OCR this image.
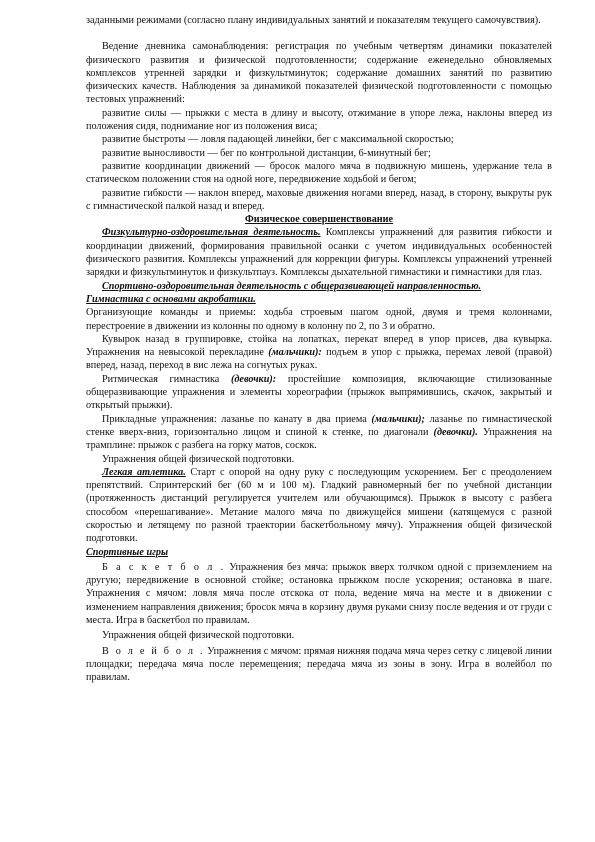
заданными режимами (согласно плану индивидуальных занятий и показателям текущего самочувствия).

Ведение дневника самонаблюдения: регистрация по учебным четвертям динамики показателей физического развития и физической подготовленности; содержание еженедельно обновляемых комплексов утренней зарядки и физкультминуток; содержание домашних занятий по развитию физических качеств. Наблюдения за динамикой показателей физической подготовленности с помощью тестовых упражнений:

развитие силы — прыжки с места в длину и высоту, отжимание в упоре лежа, наклоны вперед из положения сидя, поднимание ног из положения виса;

развитие быстроты — ловля падающей линейки, бег с максимальной скоростью;

развитие выносливости — бег по контрольной дистанции, 6-минутный бег;

развитие координации движений — бросок малого мяча в подвижную мишень, удержание тела в статическом положении стоя на одной ноге, передвижение ходьбой и бегом;

развитие гибкости — наклон вперед, маховые движения ногами вперед, назад, в сторону, выкруты рук с гимнастической палкой назад и вперед.

Физическое совершенствование

Физкультурно-оздоровительная деятельность. Комплексы упражнений для развития гибкости и координации движений, формирования правильной осанки с учетом индивидуальных особенностей физического развития. Комплексы упражнений для коррекции фигуры. Комплексы упражнений утренней зарядки и физкультминуток и физкультпауз. Комплексы дыхательной гимнастики и гимнастики для глаз.

Спортивно-оздоровительная деятельность с общеразвивающей направленностью.

Гимнастика с основами акробатики.

Организующие команды и приемы: ходьба строевым шагом одной, двумя и тремя колоннами, перестроение в движении из колонны по одному в колонну по 2, по 3 и обратно.

Кувырок назад в группировке, стойка на лопатках, перекат вперед в упор присев, два кувырка. Упражнения на невысокой перекладине (мальчики): подъем в упор с прыжка, перемах левой (правой) вперед, назад, переход в вис лежа на согнутых руках.

Ритмическая гимнастика (девочки): простейшие композиция, включающие стилизованные общеразвивающие упражнения и элементы хореографии (прыжок выпрямившись, скачок, закрытый и открытый прыжки).

Прикладные упражнения: лазанье по канату в два приема (мальчики); лазанье по гимнастической стенке вверх-вниз, горизонтально лицом и спиной к стенке, по диагонали (девочки). Упражнения на трамплине: прыжок с разбега на горку матов, соскок.

Упражнения общей физической подготовки.

Легкая атлетика. Старт с опорой на одну руку с последующим ускорением. Бег с преодолением препятствий. Спринтерский бег (60 м и 100 м). Гладкий равномерный бег по учебной дистанции (протяженность дистанций регулируется учителем или обучающимся). Прыжок в высоту с разбега способом «перешагивание». Метание малого мяча по движущейся мишени (катящемуся с разной скоростью и летящему по разной траектории баскетбольному мячу). Упражнения общей физической подготовки.

Спортивные игры

Б а с к е т б о л . Упражнения без мяча: прыжок вверх толчком одной с приземлением на другую; передвижение в основной стойке; остановка прыжком после ускорения; остановка в шаге. Упражнения с мячом: ловля мяча после отскока от пола, ведение мяча на месте и в движении с изменением направления движения; бросок мяча в корзину двумя руками снизу после ведения и от груди с места. Игра в баскетбол по правилам.

Упражнения общей физической подготовки.

В о л е й б о л . Упражнения с мячом: прямая нижняя подача мяча через сетку с лицевой линии площадки; передача мяча после перемещения; передача мяча из зоны в зону. Игра в волейбол по правилам.
